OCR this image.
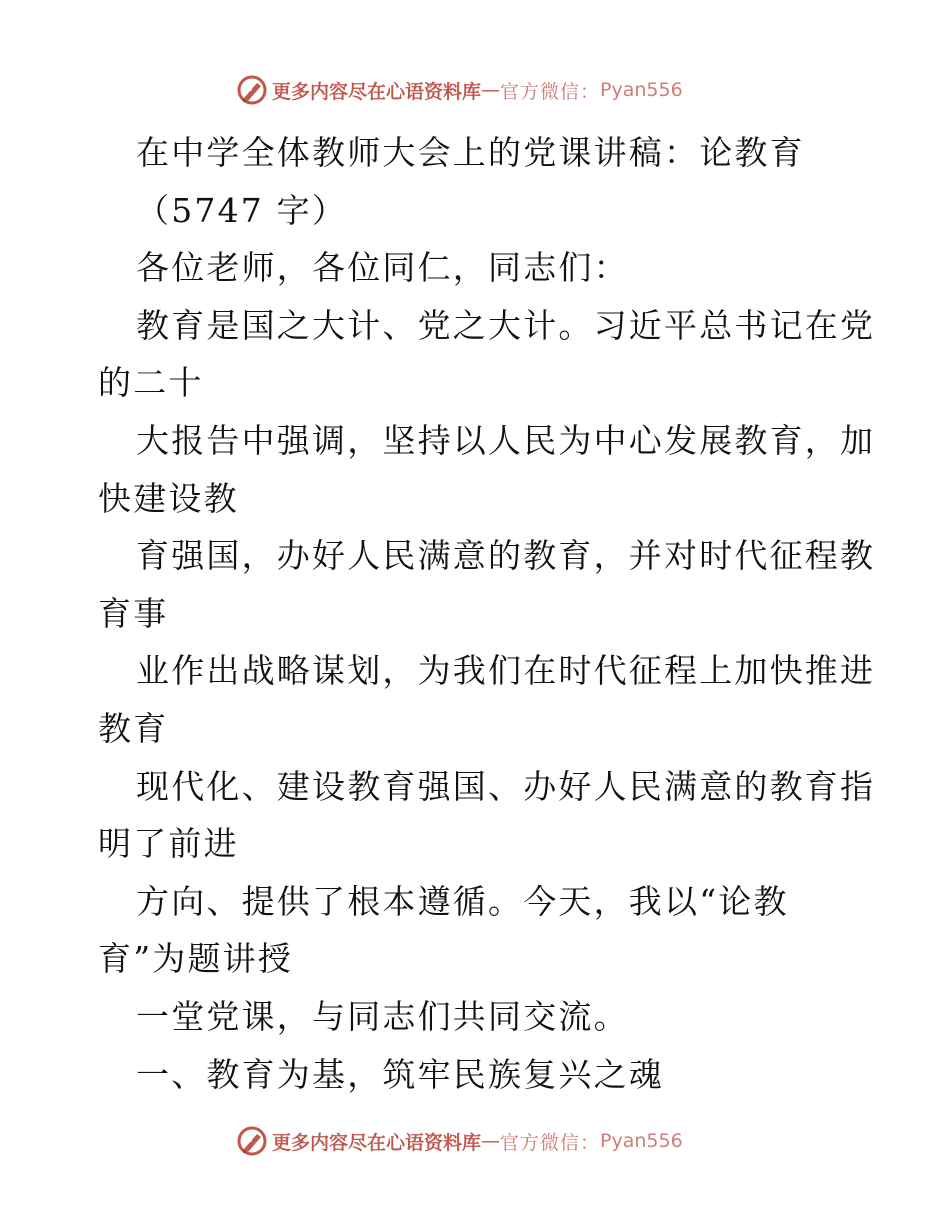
更多内容尽在心语资料库 — 官方微信： Pyan556
在中学全体教师大会上的党课讲稿：论教育
（5747 字）
各位老师，各位同仁，同志们：
教育是国之大计、党之大计。习近平总书记在党
的二十
大报告中强调，坚持以人民为中心发展教育，加
快建设教
育强国，办好人民满意的教育，并对时代征程教
育事
业作出战略谋划，为我们在时代征程上加快推进
教育
现代化、建设教育强国、办好人民满意的教育指
明了前进
方向、提供了根本遵循。今天，我以“论教
育”为题讲授
一堂党课，与同志们共同交流。
一、教育为基，筑牢民族复兴之魂
更多内容尽在心语资料库 — 官方微信： Pyan556
